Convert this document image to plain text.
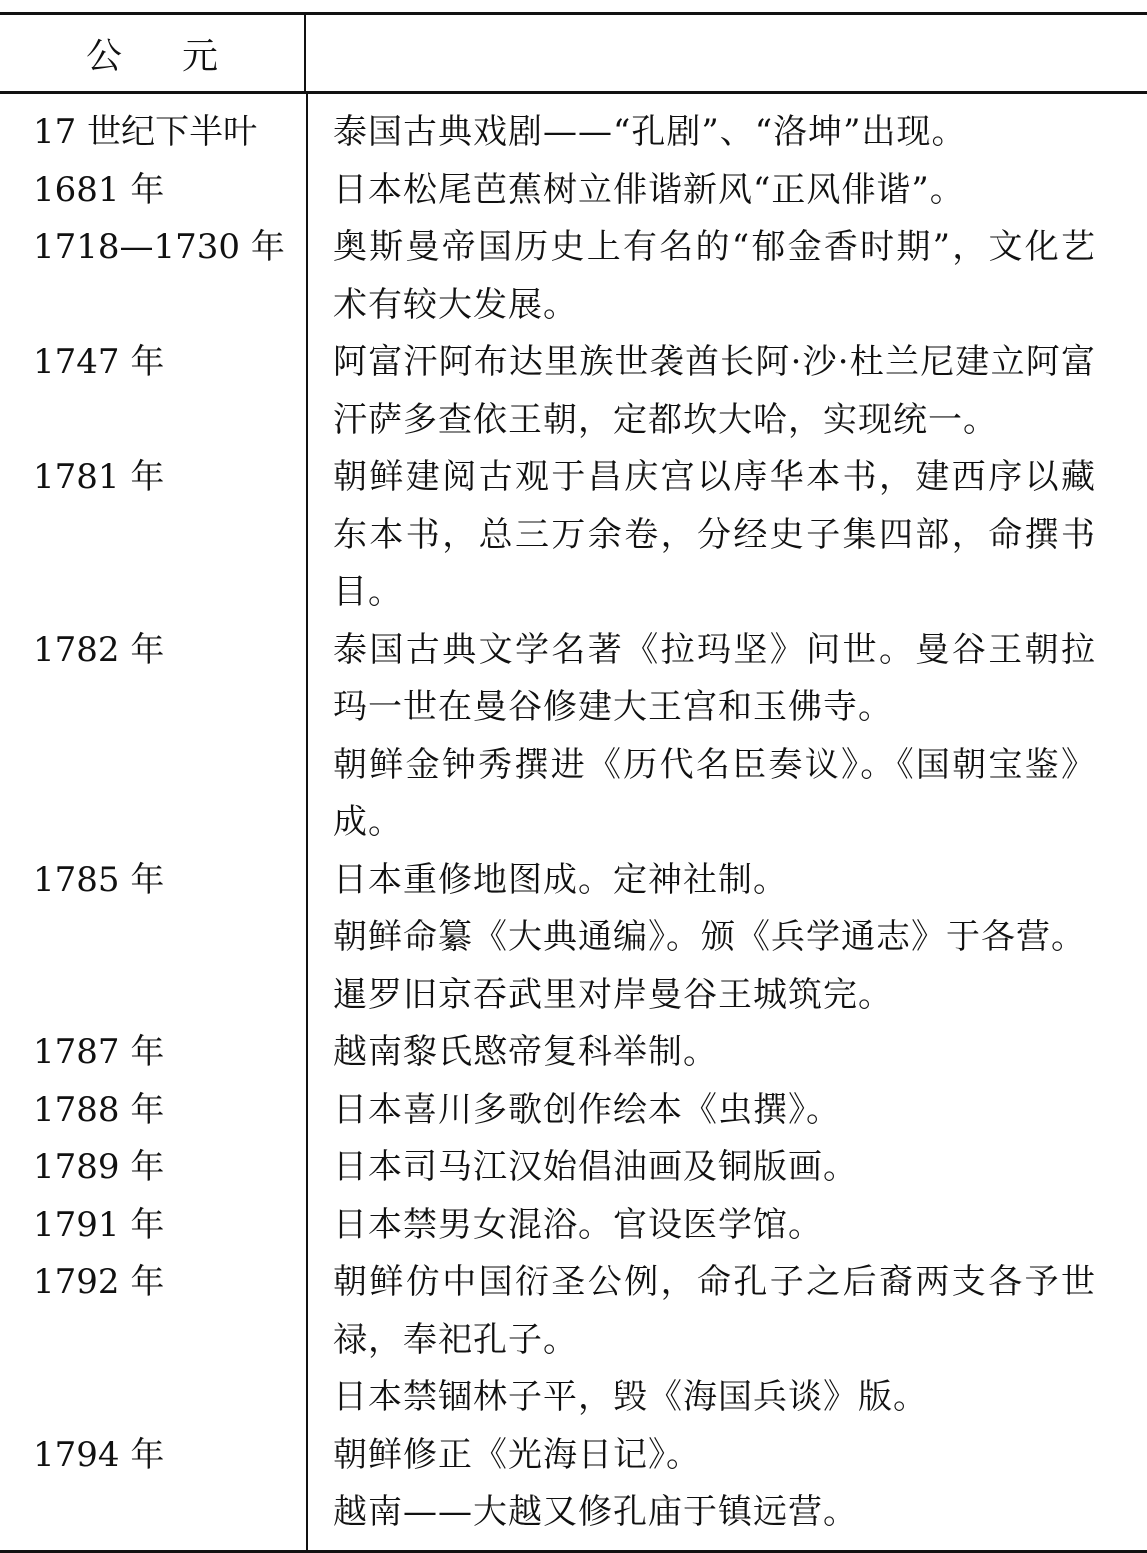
公元
17 世纪下半叶	泰国古典戏剧——“孔剧”、“洛坤”出现。
1681 年	日本松尾芭蕉树立俳谐新风“正风俳谐”。
1718—1730 年	奥斯曼帝国历史上有名的“郁金香时期”，文化艺术有较大发展。
1747 年	阿富汗阿布达里族世袭酋长阿·沙·杜兰尼建立阿富汗萨多查依王朝，定都坎大哈，实现统一。
1781 年	朝鲜建阅古观于昌庆宫以庤华本书，建西序以藏东本书，总三万余卷，分经史子集四部，命撰书目。
1782 年	泰国古典文学名著《拉玛坚》问世。曼谷王朝拉玛一世在曼谷修建大王宫和玉佛寺。
朝鲜金钟秀撰进《历代名臣奏议》。《国朝宝鉴》成。
1785 年	日本重修地图成。定神社制。
朝鲜命纂《大典通编》。颁《兵学通志》于各营。
暹罗旧京吞武里对岸曼谷王城筑完。
1787 年	越南黎氏愍帝复科举制。
1788 年	日本喜川多歌创作绘本《虫撰》。
1789 年	日本司马江汉始倡油画及铜版画。
1791 年	日本禁男女混浴。官设医学馆。
1792 年	朝鲜仿中国衍圣公例，命孔子之后裔两支各予世禄，奉祀孔子。
日本禁锢林子平，毁《海国兵谈》版。
1794 年	朝鲜修正《光海日记》。
越南——大越又修孔庙于镇远营。
